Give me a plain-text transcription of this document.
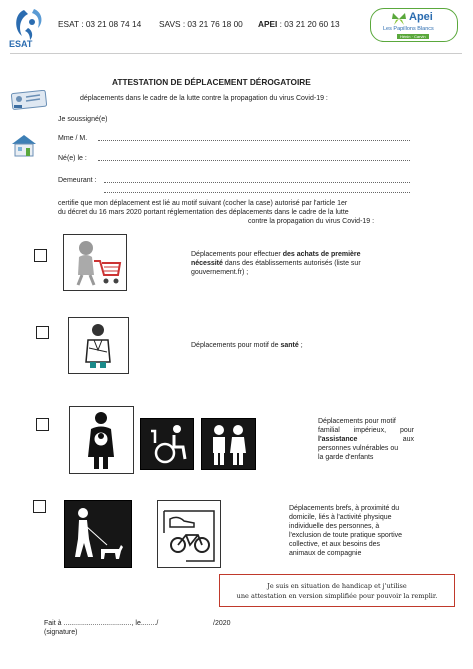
ESAT
ESAT : 03 21 08 74 14 SAVS : 03 21 76 18 00 APEI : 03 21 20 60 13
Apei
Les Papillons Blancs
Hénin · Carvin
ATTESTATION DE DÉPLACEMENT DÉROGATOIRE
déplacements dans le cadre de la lutte contre la propagation du virus Covid-19 :
Je soussigné(e)
Mme / M.
Né(e) le :
Demeurant :
certifie que mon déplacement est lié au motif suivant (cocher la case) autorisé par l'article 1er
du décret du 16 mars 2020 portant réglementation des déplacements dans le cadre de la lutte
contre la propagation du virus Covid-19 :
Déplacements pour effectuer des achats de première
nécessité dans des établissements autorisés (liste sur
gouvernement.fr) ;
Déplacements pour motif de santé ;
Déplacements pour motif
familial impérieux, pour
l'assistance	aux
personnes vulnérables ou
la garde d'enfants
Déplacements brefs, à proximité du
domicile, liés à l'activité physique
individuelle des personnes, à
l'exclusion de toute pratique sportive
collective, et aux besoins des
animaux de compagnie
Je suis en situation de handicap et j'utilise
une attestation en version simplifiée pour pouvoir la remplir.
Fait à ..................................., le......../	/2020
(signature)
